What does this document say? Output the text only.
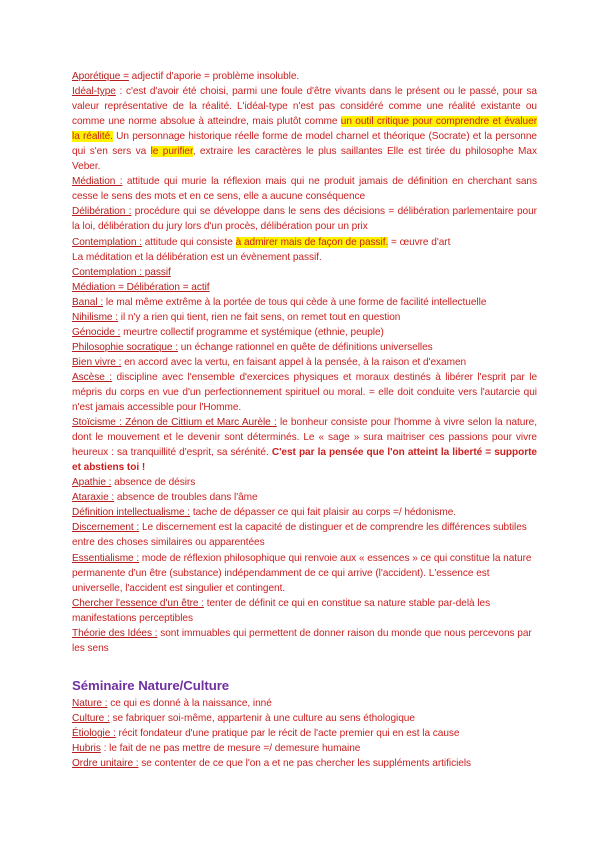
Aporétique = adjectif d'aporie = problème insoluble.

Idéal-type : c'est d'avoir été choisi, parmi une foule d'être vivants dans le présent ou le passé, pour sa valeur représentative de la réalité. L'idéal-type n'est pas considéré comme une réalité existante ou comme une norme absolue à atteindre, mais plutôt comme un outil critique pour comprendre et évaluer la réalité. Un personnage historique réelle forme de model charnel et théorique (Socrate) et la personne qui s'en sers va le purifier, extraire les caractères le plus saillantes Elle est tirée du philosophe Max Veber.

Médiation : attitude qui murie la réflexion mais qui ne produit jamais de définition en cherchant sans cesse le sens des mots et en ce sens, elle a aucune conséquence

Délibération : procédure qui se développe dans le sens des décisions = délibération parlementaire pour la loi, délibération du jury lors d'un procès, délibération pour un prix

Contemplation : attitude qui consiste à admirer mais de façon de passif. = œuvre d'art

La méditation et la délibération est un évènement passif.

Contemplation : passif

Médiation = Délibération = actif

Banal : le mal même extrême à la portée de tous qui cède à une forme de facilité intellectuelle

Nihilisme : il n'y a rien qui tient, rien ne fait sens, on remet tout en question

Génocide : meurtre collectif programme et systémique (ethnie, peuple)

Philosophie socratique : un échange rationnel en quête de définitions universelles

Bien vivre : en accord avec la vertu, en faisant appel à la pensée, à la raison et d'examen

Ascèse : discipline avec l'ensemble d'exercices physiques et moraux destinés à libérer l'esprit par le mépris du corps en vue d'un perfectionnement spirituel ou moral. = elle doit conduite vers l'autarcie qui n'est jamais accessible pour l'Homme.

Stoïcisme : Zénon de Cittium et Marc Aurèle : le bonheur consiste pour l'homme à vivre selon la nature, dont le mouvement et le devenir sont déterminés. Le « sage » sura maitriser ces passions pour vivre heureux : sa tranquillité d'esprit, sa sérénité. C'est par la pensée que l'on atteint la liberté = supporte et abstiens toi !

Apathie : absence de désirs

Ataraxie : absence de troubles dans l'âme

Définition intellectualisme : tache de dépasser ce qui fait plaisir au corps =/ hédonisme.

Discernement : Le discernement est la capacité de distinguer et de comprendre les différences subtiles entre des choses similaires ou apparentées

Essentialisme : mode de réflexion philosophique qui renvoie aux « essences » ce qui constitue la nature permanente d'un être (substance) indépendamment de ce qui arrive (l'accident). L'essence est universelle, l'accident est singulier et contingent.

Chercher l'essence d'un être : tenter de définit ce qui en constitue sa nature stable par-delà les manifestations perceptibles

Théorie des Idées : sont immuables qui permettent de donner raison du monde que nous percevons par les sens

Séminaire Nature/Culture

Nature : ce qui es donné à la naissance, inné

Culture : se fabriquer soi-même, appartenir à une culture au sens éthologique

Étiologie : récit fondateur d'une pratique par le récit de l'acte premier qui en est la cause

Hubris : le fait de ne pas mettre de mesure =/ demesure humaine

Ordre unitaire : se contenter de ce que l'on a et ne pas chercher les suppléments artificiels
